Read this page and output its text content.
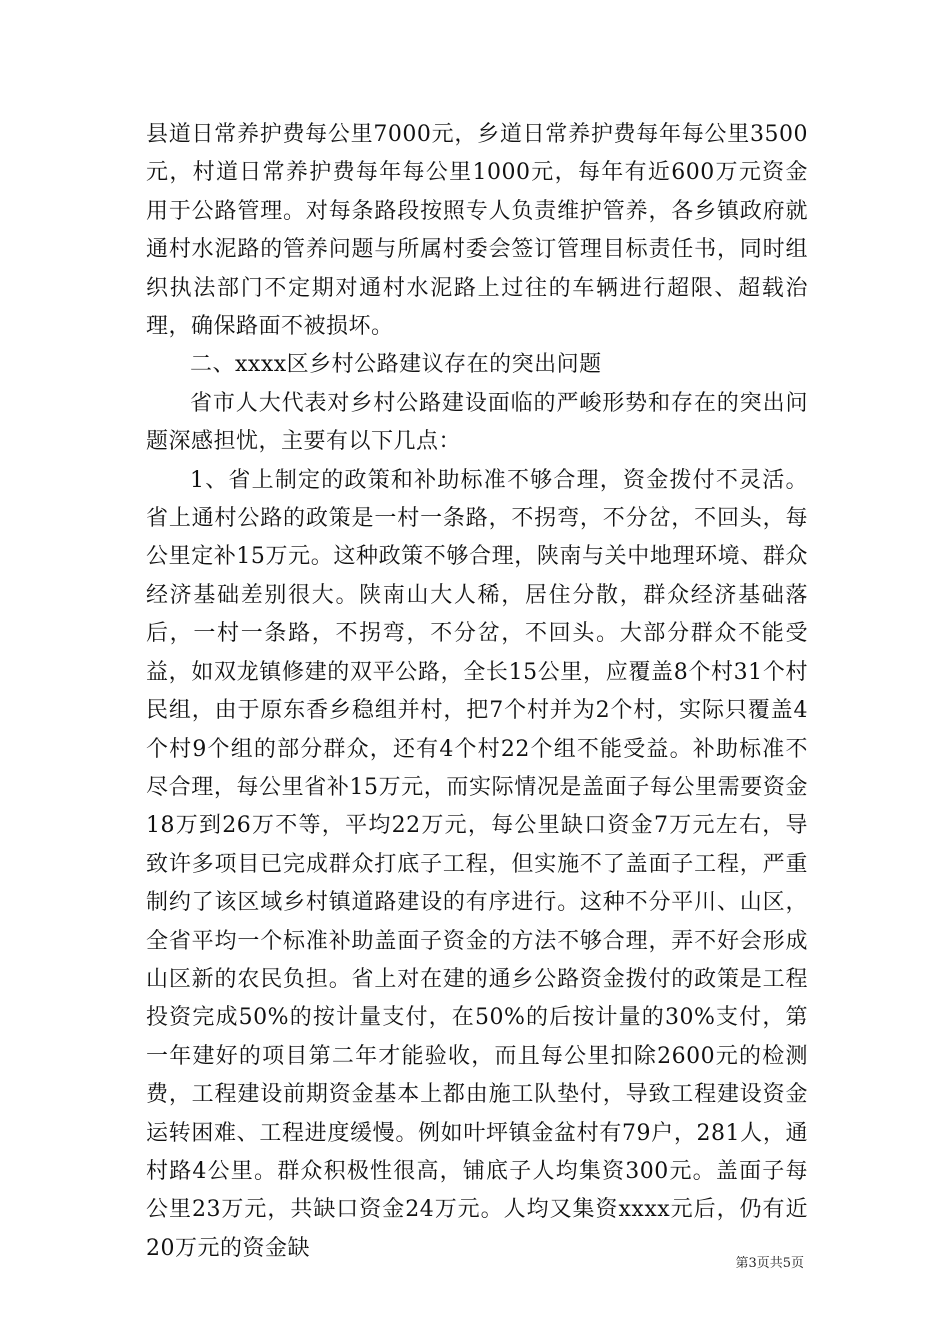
县道日常养护费每公里7000元，乡道日常养护费每年每公里3500元，村道日常养护费每年每公里1000元，每年有近600万元资金用于公路管理。对每条路段按照专人负责维护管养，各乡镇政府就通村水泥路的管养问题与所属村委会签订管理目标责任书，同时组织执法部门不定期对通村水泥路上过往的车辆进行超限、超载治理，确保路面不被损坏。

二、xxxx区乡村公路建议存在的突出问题

省市人大代表对乡村公路建设面临的严峻形势和存在的突出问题深感担忧，主要有以下几点：

1、省上制定的政策和补助标准不够合理，资金拨付不灵活。省上通村公路的政策是一村一条路，不拐弯，不分岔，不回头，每公里定补15万元。这种政策不够合理，陕南与关中地理环境、群众经济基础差别很大。陕南山大人稀，居住分散，群众经济基础落后，一村一条路，不拐弯，不分岔，不回头。大部分群众不能受益，如双龙镇修建的双平公路，全长15公里，应覆盖8个村31个村民组，由于原东香乡稳组并村，把7个村并为2个村，实际只覆盖4个村9个组的部分群众，还有4个村22个组不能受益。补助标准不尽合理，每公里省补15万元，而实际情况是盖面子每公里需要资金18万到26万不等，平均22万元，每公里缺口资金7万元左右，导致许多项目已完成群众打底子工程，但实施不了盖面子工程，严重制约了该区域乡村镇道路建设的有序进行。这种不分平川、山区，全省平均一个标准补助盖面子资金的方法不够合理，弄不好会形成山区新的农民负担。省上对在建的通乡公路资金拨付的政策是工程投资完成50%的按计量支付，在50%的后按计量的30%支付，第一年建好的项目第二年才能验收，而且每公里扣除2600元的检测费，工程建设前期资金基本上都由施工队垫付，导致工程建设资金运转困难、工程进度缓慢。例如叶坪镇金盆村有79户，281人，通村路4公里。群众积极性很高，铺底子人均集资300元。盖面子每公里23万元，共缺口资金24万元。人均又集资xxxx元后，仍有近20万元的资金缺

第3页共5页
